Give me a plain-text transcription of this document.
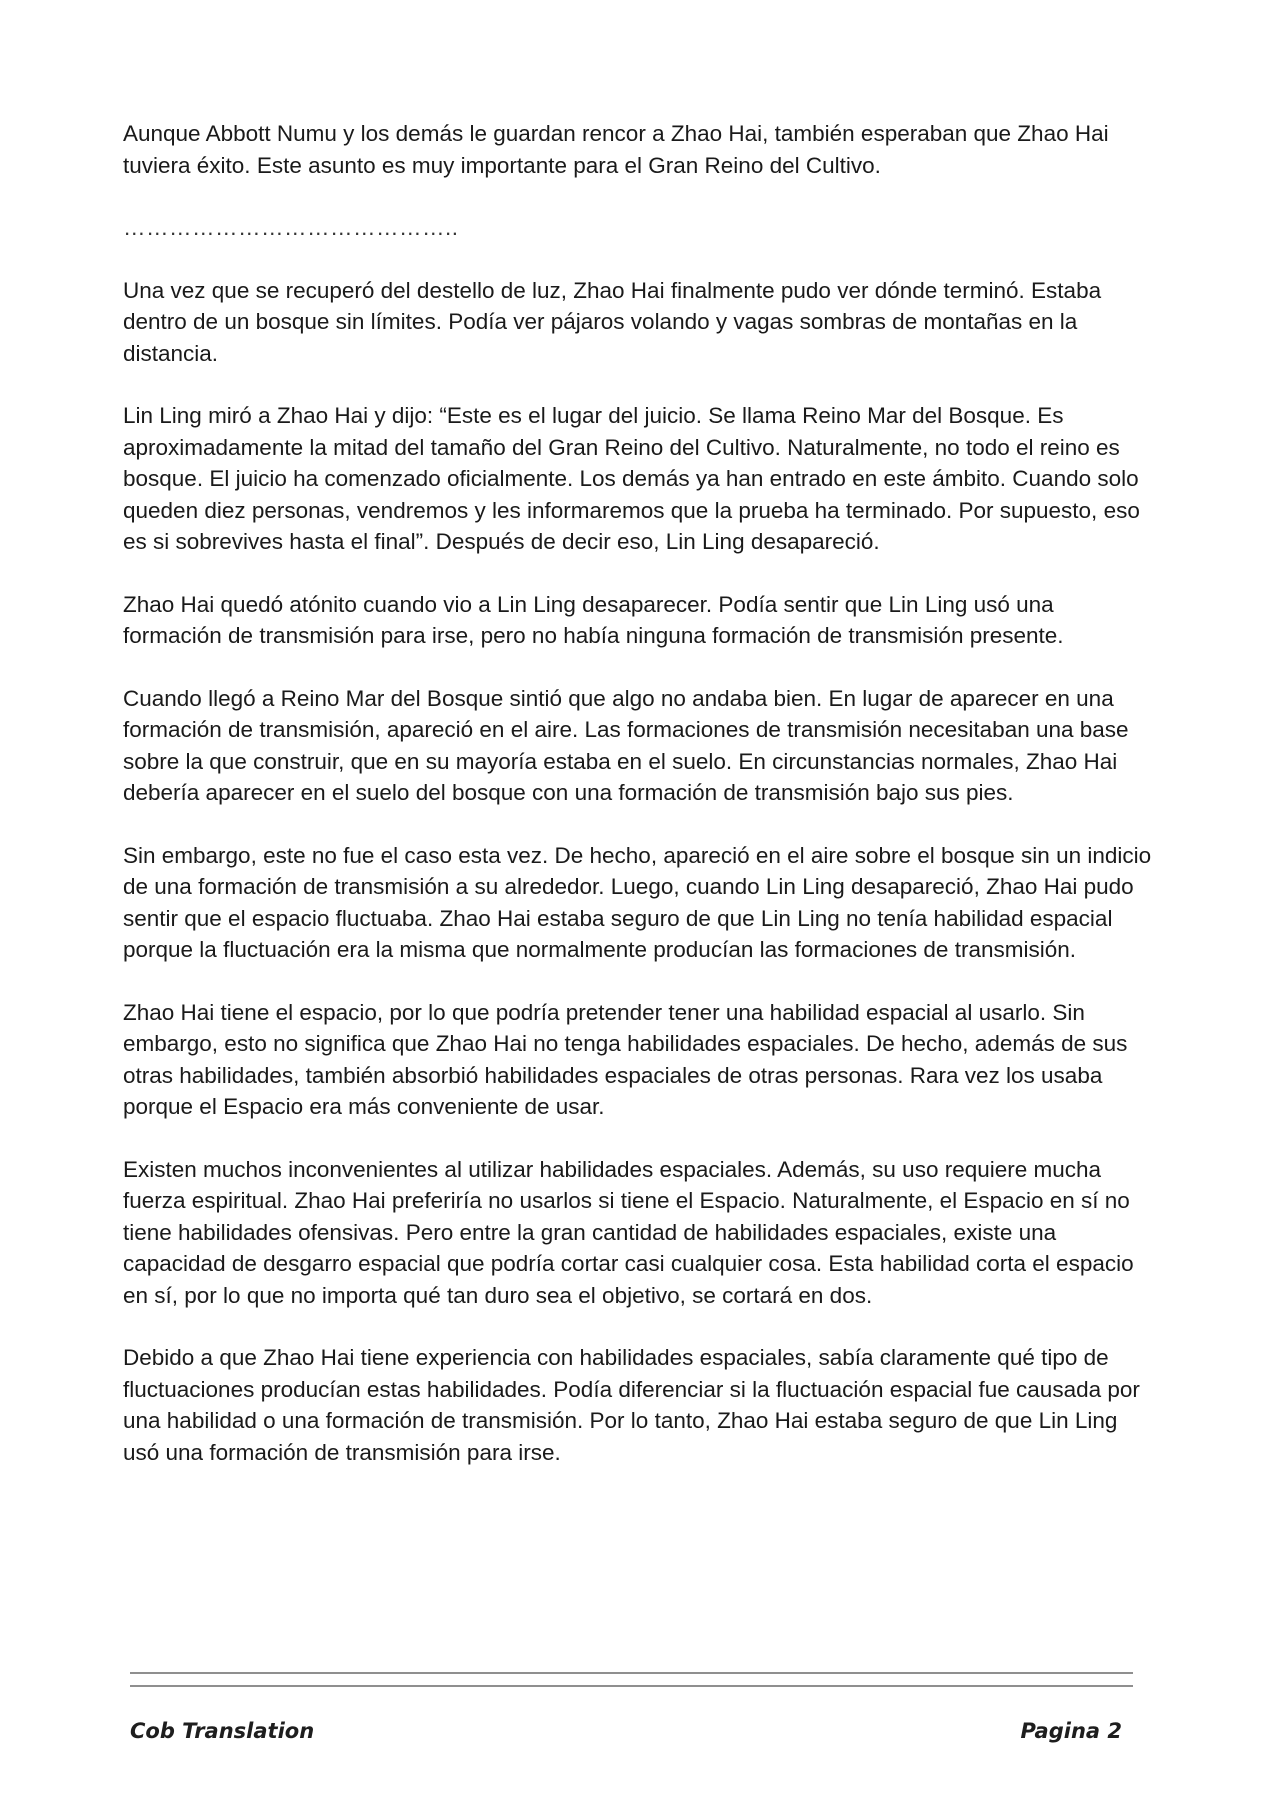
Aunque Abbott Numu y los demás le guardan rencor a Zhao Hai, también esperaban que Zhao Hai tuviera éxito. Este asunto es muy importante para el Gran Reino del Cultivo.

……………………………………..

Una vez que se recuperó del destello de luz, Zhao Hai finalmente pudo ver dónde terminó. Estaba dentro de un bosque sin límites. Podía ver pájaros volando y vagas sombras de montañas en la distancia.

Lin Ling miró a Zhao Hai y dijo: “Este es el lugar del juicio. Se llama Reino Mar del Bosque. Es aproximadamente la mitad del tamaño del Gran Reino del Cultivo. Naturalmente, no todo el reino es bosque. El juicio ha comenzado oficialmente. Los demás ya han entrado en este ámbito. Cuando solo queden diez personas, vendremos y les informaremos que la prueba ha terminado. Por supuesto, eso es si sobrevives hasta el final”. Después de decir eso, Lin Ling desapareció.

Zhao Hai quedó atónito cuando vio a Lin Ling desaparecer. Podía sentir que Lin Ling usó una formación de transmisión para irse, pero no había ninguna formación de transmisión presente.

Cuando llegó a Reino Mar del Bosque sintió que algo no andaba bien. En lugar de aparecer en una formación de transmisión, apareció en el aire. Las formaciones de transmisión necesitaban una base sobre la que construir, que en su mayoría estaba en el suelo. En circunstancias normales, Zhao Hai debería aparecer en el suelo del bosque con una formación de transmisión bajo sus pies.

Sin embargo, este no fue el caso esta vez. De hecho, apareció en el aire sobre el bosque sin un indicio de una formación de transmisión a su alrededor. Luego, cuando Lin Ling desapareció, Zhao Hai pudo sentir que el espacio fluctuaba. Zhao Hai estaba seguro de que Lin Ling no tenía habilidad espacial porque la fluctuación era la misma que normalmente producían las formaciones de transmisión.

Zhao Hai tiene el espacio, por lo que podría pretender tener una habilidad espacial al usarlo. Sin embargo, esto no significa que Zhao Hai no tenga habilidades espaciales. De hecho, además de sus otras habilidades, también absorbió habilidades espaciales de otras personas. Rara vez los usaba porque el Espacio era más conveniente de usar.

Existen muchos inconvenientes al utilizar habilidades espaciales. Además, su uso requiere mucha fuerza espiritual. Zhao Hai preferiría no usarlos si tiene el Espacio. Naturalmente, el Espacio en sí no tiene habilidades ofensivas. Pero entre la gran cantidad de habilidades espaciales, existe una capacidad de desgarro espacial que podría cortar casi cualquier cosa. Esta habilidad corta el espacio en sí, por lo que no importa qué tan duro sea el objetivo, se cortará en dos.

Debido a que Zhao Hai tiene experiencia con habilidades espaciales, sabía claramente qué tipo de fluctuaciones producían estas habilidades. Podía diferenciar si la fluctuación espacial fue causada por una habilidad o una formación de transmisión. Por lo tanto, Zhao Hai estaba seguro de que Lin Ling usó una formación de transmisión para irse.

Cob Translation	Pagina 2
